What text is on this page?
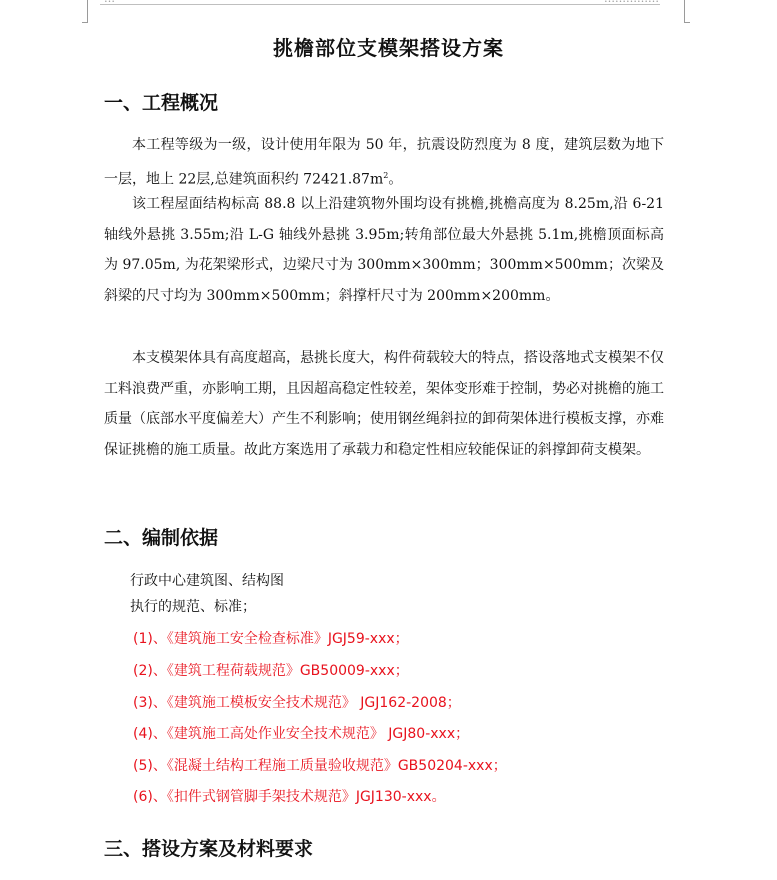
挑檐部位支模架搭设方案
一、工程概况
本工程等级为一级，设计使用年限为 50 年，抗震设防烈度为 8 度，建筑层数为地下一层，地上 22层,总建筑面积约 $72421.87m^2$。
该工程屋面结构标高 88.8 以上沿建筑物外围均设有挑檐,挑檐高度为 8.25m,沿 6-21 轴线外悬挑 3.55m;沿 L-G 轴线外悬挑 3.95m;转角部位最大外悬挑 5.1m,挑檐顶面标高为 97.05m, 为花架梁形式，边梁尺寸为 300mm×300mm；300mm×500mm；次梁及斜梁的尺寸均为 300mm×500mm；斜撑杆尺寸为 200mm×200mm。
本支模架体具有高度超高，悬挑长度大，构件荷载较大的特点，搭设落地式支模架不仅工料浪费严重，亦影响工期，且因超高稳定性较差，架体变形难于控制，势必对挑檐的施工质量（底部水平度偏差大）产生不利影响；使用钢丝绳斜拉的卸荷架体进行模板支撑，亦难保证挑檐的施工质量。故此方案选用了承载力和稳定性相应较能保证的斜撑卸荷支模架。
二、编制依据
行政中心建筑图、结构图
执行的规范、标准；
(1)、《建筑施工安全检查标准》JGJ59-xxx；
(2)、《建筑工程荷载规范》GB50009-xxx；
(3)、《建筑施工模板安全技术规范》 JGJ162-2008；
(4)、《建筑施工高处作业安全技术规范》 JGJ80-xxx；
(5)、《混凝土结构工程施工质量验收规范》GB50204-xxx；
(6)、《扣件式钢管脚手架技术规范》JGJ130-xxx。
三、搭设方案及材料要求
